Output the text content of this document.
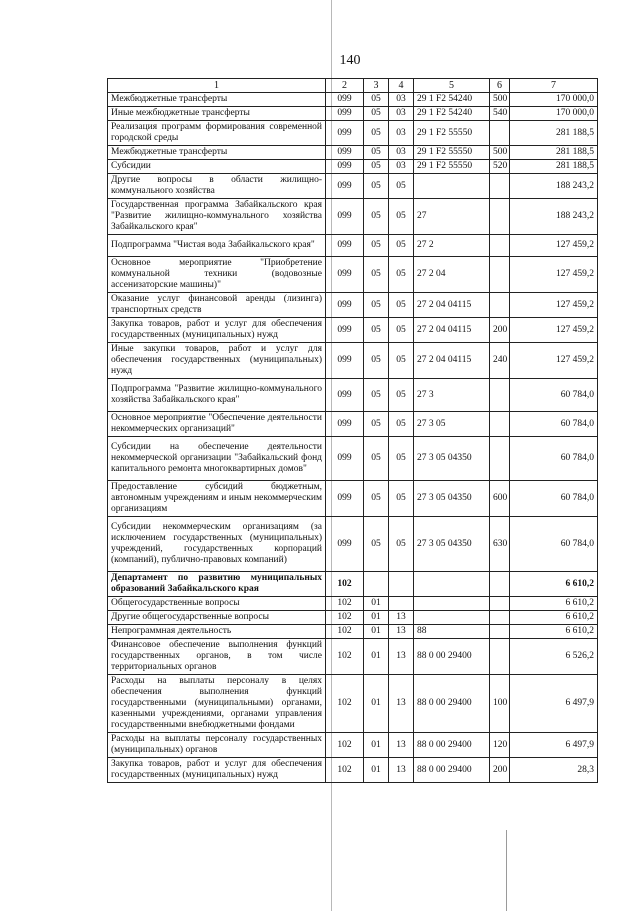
140
1	2	3	4	5	6	7
Межбюджетные трансферты	099	05	03	29 1 F2 54240	500	170 000,0
Иные межбюджетные трансферты	099	05	03	29 1 F2 54240	540	170 000,0
Реализация программ формирования современной городской среды	099	05	03	29 1 F2 55550		281 188,5
Межбюджетные трансферты	099	05	03	29 1 F2 55550	500	281 188,5
Субсидии	099	05	03	29 1 F2 55550	520	281 188,5
Другие вопросы в области жилищно-коммунального хозяйства	099	05	05			188 243,2
Государственная программа Забайкальского края "Развитие жилищно-коммунального хозяйства Забайкальского края"	099	05	05	27		188 243,2
Подпрограмма "Чистая вода Забайкальского края"	099	05	05	27 2		127 459,2
Основное мероприятие "Приобретение коммунальной техники (водовозные ассенизаторские машины)"	099	05	05	27 2 04		127 459,2
Оказание услуг финансовой аренды (лизинга) транспортных средств	099	05	05	27 2 04 04115		127 459,2
Закупка товаров, работ и услуг для обеспечения государственных (муниципальных) нужд	099	05	05	27 2 04 04115	200	127 459,2
Иные закупки товаров, работ и услуг для обеспечения государственных (муниципальных) нужд	099	05	05	27 2 04 04115	240	127 459,2
Подпрограмма "Развитие жилищно-коммунального хозяйства Забайкальского края"	099	05	05	27 3		60 784,0
Основное мероприятие "Обеспечение деятельности некоммерческих организаций"	099	05	05	27 3 05		60 784,0
Субсидии на обеспечение деятельности некоммерческой организации "Забайкальский фонд капитального ремонта многоквартирных домов"	099	05	05	27 3 05 04350		60 784,0
Предоставление субсидий бюджетным, автономным учреждениям и иным некоммерческим организациям	099	05	05	27 3 05 04350	600	60 784,0
Субсидии некоммерческим организациям (за исключением государственных (муниципальных) учреждений, государственных корпораций (компаний), публично-правовых компаний)	099	05	05	27 3 05 04350	630	60 784,0
Департамент по развитию муниципальных образований Забайкальского края	102					6 610,2
Общегосударственные вопросы	102	01				6 610,2
Другие общегосударственные вопросы	102	01	13			6 610,2
Непрограммная деятельность	102	01	13	88		6 610,2
Финансовое обеспечение выполнения функций государственных органов, в том числе территориальных органов	102	01	13	88 0 00 29400		6 526,2
Расходы на выплаты персоналу в целях обеспечения выполнения функций государственными (муниципальными) органами, казенными учреждениями, органами управления государственными внебюджетными фондами	102	01	13	88 0 00 29400	100	6 497,9
Расходы на выплаты персоналу государственных (муниципальных) органов	102	01	13	88 0 00 29400	120	6 497,9
Закупка товаров, работ и услуг для обеспечения государственных (муниципальных) нужд	102	01	13	88 0 00 29400	200	28,3
